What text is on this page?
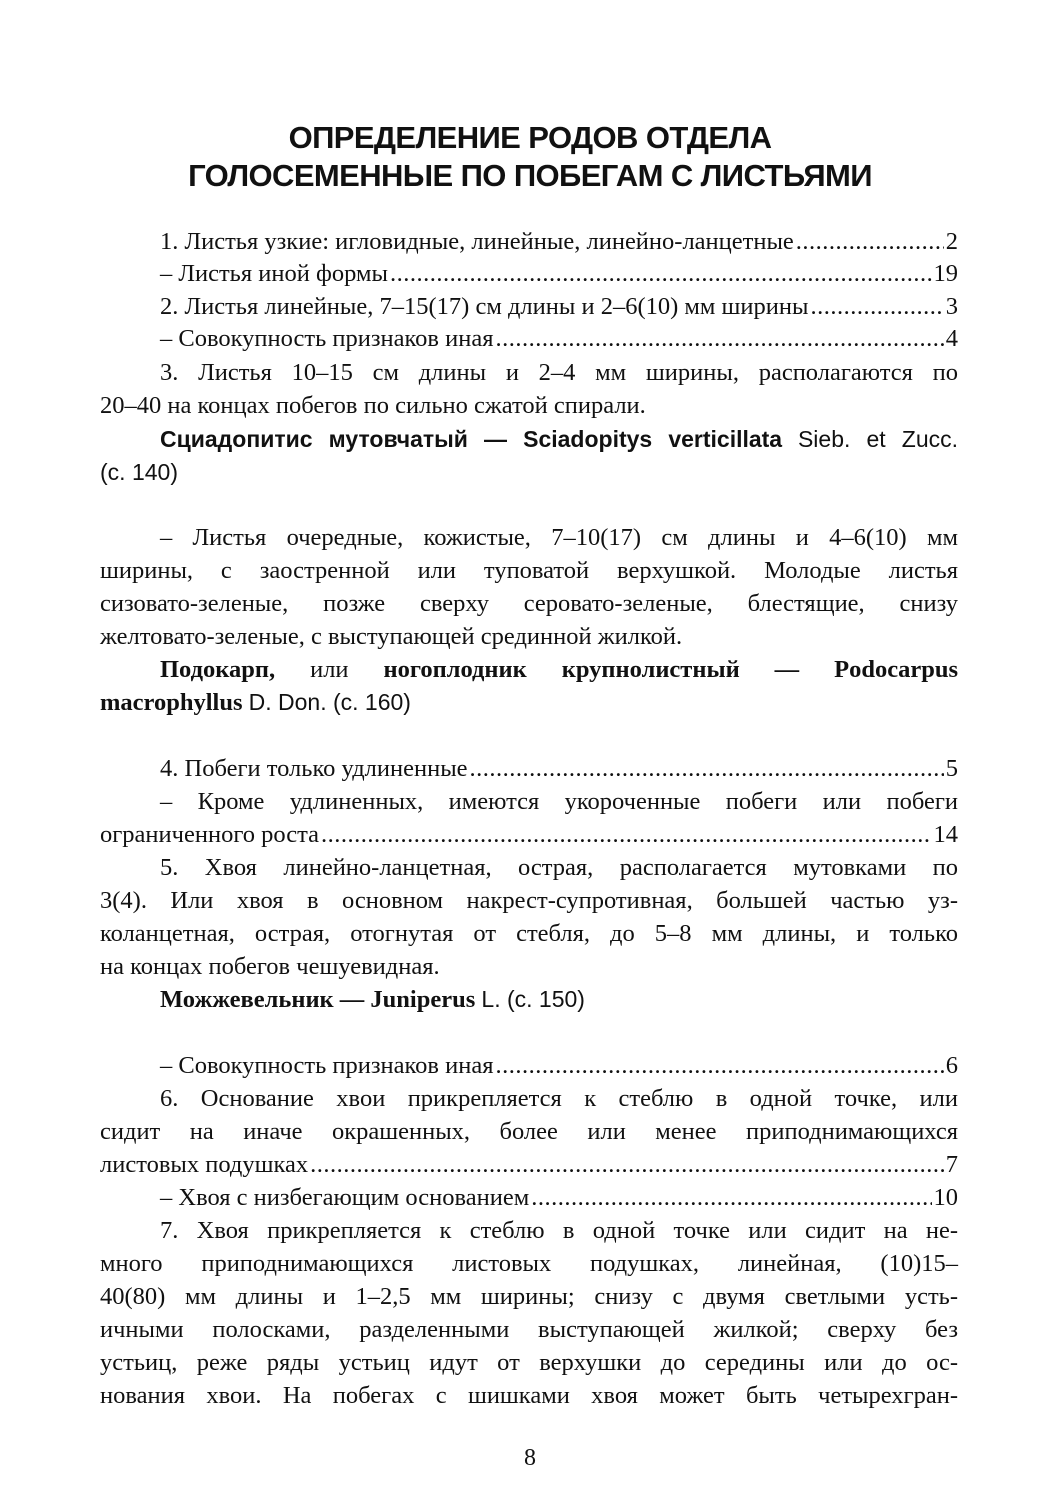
ОПРЕДЕЛЕНИЕ РОДОВ ОТДЕЛА
ГОЛОСЕМЕННЫЕ ПО ПОБЕГАМ С ЛИСТЬЯМИ
1. Листья узкие: игловидные, линейные, линейно-ланцетные .....	2
– Листья иной формы .....	19
2. Листья линейные, 7–15(17) см длины и 2–6(10) мм ширины .....	3
– Совокупность признаков иная .....	4
3. Листья 10–15 см длины и 2–4 мм ширины, располагаются по
20–40 на концах побегов по сильно сжатой спирали.
Сциадопитис мутовчатый — Sciadopitys verticillata Sieb. et Zucc.
(с. 140)
– Листья очередные, кожистые, 7–10(17) см длины и 4–6(10) мм
ширины, с заостренной или туповатой верхушкой. Молодые листья
сизовато-зеленые, позже сверху серовато-зеленые, блестящие, снизу
желтовато-зеленые, с выступающей срединной жилкой.
Подокарп, или ногоплодник крупнолистный — Podocarpus
macrophyllus D. Don. (с. 160)
4. Побеги только удлиненные .....	5
– Кроме удлиненных, имеются укороченные побеги или побеги
ограниченного роста .....	14
5. Хвоя линейно-ланцетная, острая, располагается мутовками по
3(4). Или хвоя в основном накрест-супротивная, большей частью уз-
коланцетная, острая, отогнутая от стебля, до 5–8 мм длины, и только
на концах побегов чешуевидная.
Можжевельник — Juniperus L. (с. 150)
– Совокупность признаков иная .....	6
6. Основание хвои прикрепляется к стеблю в одной точке, или
сидит на иначе окрашенных, более или менее приподнимающихся
листовых подушках .....	7
– Хвоя с низбегающим основанием .....	10
7. Хвоя прикрепляется к стеблю в одной точке или сидит на не-
много приподнимающихся листовых подушках, линейная, (10)15–
40(80) мм длины и 1–2,5 мм ширины; снизу с двумя светлыми усть-
ичными полосками, разделенными выступающей жилкой; сверху без
устьиц, реже ряды устьиц идут от верхушки до середины или до ос-
нования хвои. На побегах с шишками хвоя может быть четырехгран-
8
